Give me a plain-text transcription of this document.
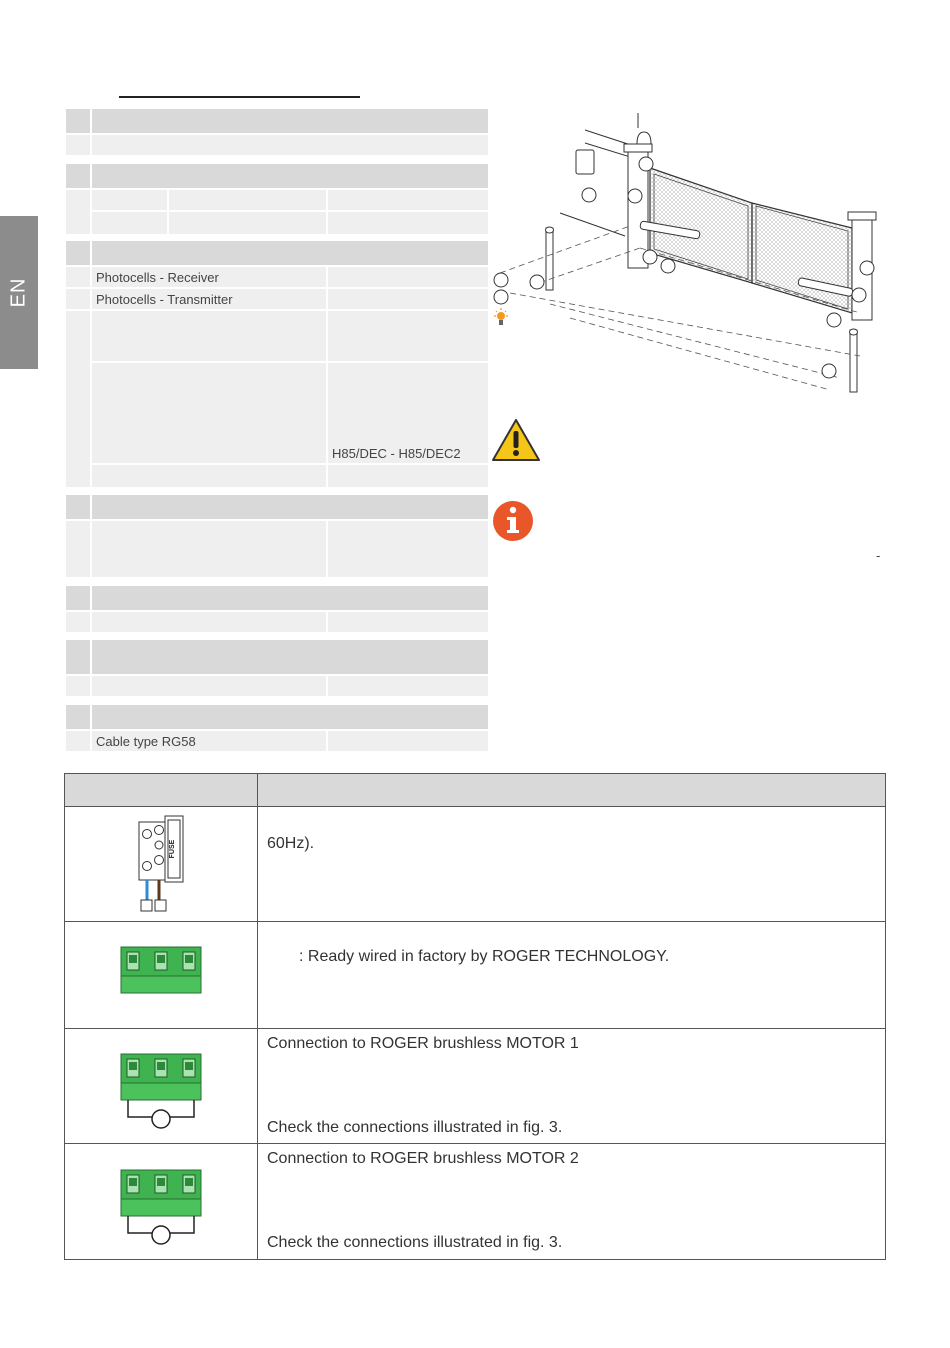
EN
Photocells - Receiver
Photocells - Transmitter
H85/DEC - H85/DEC2
Cable type RG58
-
FUSE	60Hz).

: Ready wired in factory by ROGER TECHNOLOGY.

Connection to ROGER brushless MOTOR 1

Check the connections illustrated in fig. 3.

Connection to ROGER brushless MOTOR 2

Check the connections illustrated in fig. 3.
